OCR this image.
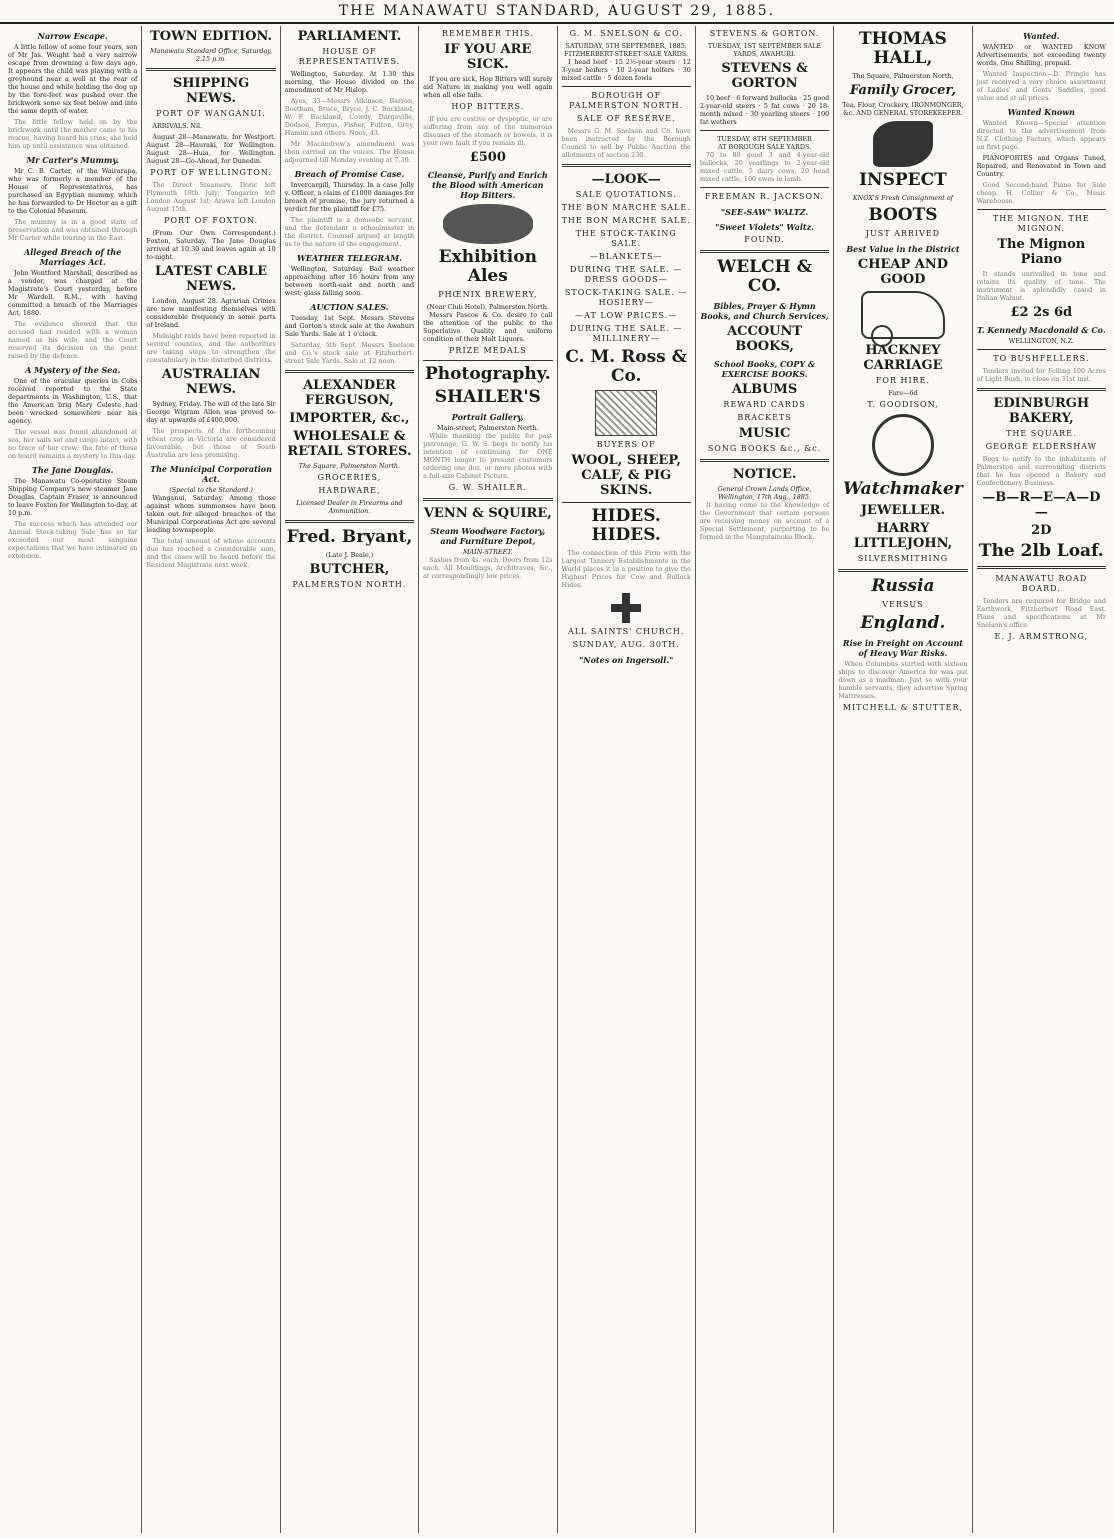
THE MANAWATU STANDARD, AUGUST 29, 1885.
Narrow Escape.

A little fellow of some four years, son of Mr Jas. Weight had a very narrow escape from drowning a few days ago. It appears the child was playing with a greyhound near a well at the rear of the house and while holding the dog up by the fore-feet was pushed over the brickwork some six feet below and into the same depth of water.

The little fellow held on by the brickwork until the mother came to his rescue, having heard his cries; she held him up until assistance was obtained.

Mr Carter's Mummy.

Mr C. B. Carter, of the Wairarapa, who was formerly a member of the House of Representatives, has purchased an Egyptian mummy, which he has forwarded to Dr Hector as a gift to the Colonial Museum.

The mummy is in a good state of preservation and was obtained through Mr Carter while touring in the East.

Alleged Breach of the Marriages Act.

John Wentford Marshall, described as a vendor, was charged at the Magistrate's Court yesterday, before Mr Wardell, R.M., with having committed a breach of the Marriages Act, 1880.

The evidence showed that the accused had resided with a woman named as his wife, and the Court reserved its decision on the point raised by the defence.

A Mystery of the Sea.

One of the oracular queries in Cobs received reported to the State departments in Washington, U.S., that the American brig Mary Celeste had been wrecked somewhere near his agency.

The vessel was found abandoned at sea, her sails set and cargo intact, with no trace of her crew; the fate of those on board remains a mystery to this day.

The Jane Douglas.

The Manawatu Co-operative Steam Shipping Company's new steamer Jane Douglas, Captain Fraser, is announced to leave Foxton for Wellington to-day, at 10 p.m.

The success which has attended our Annual Stock-taking Sale has so far exceeded our most sanguine expectations that we have intimated an extension.

TOWN EDITION.
Manawatu Standard Office, Saturday, 2.15 p.m.
SHIPPING NEWS.
PORT OF WANGANUI.

ARRIVALS. Nil.

August 28—Manawatu, for Westport. August 28—Hauraki, for Wellington. August 28—Huia, for Wellington. August 28—Go-Ahead, for Dunedin.

PORT OF WELLINGTON.

The Direct Steamers. Doric left Plymouth 18th July; Tongariro left London August 1st; Arawa left London August 15th.

PORT OF FOXTON.

(From Our Own Correspondent.) Foxton, Saturday. The Jane Douglas arrived at 10.30 and leaves again at 10 to-night.

LATEST CABLE NEWS.

London, August 28. Agrarian Crimes are now manifesting themselves with considerable frequency in some parts of Ireland.

Midnight raids have been reported in several counties, and the authorities are taking steps to strengthen the constabulary in the disturbed districts.

AUSTRALIAN NEWS.

Sydney, Friday. The will of the late Sir George Wigram Allen was proved to-day at upwards of £400,000.

The prospects of the forthcoming wheat crop in Victoria are considered favourable, but those of South Australia are less promising.

The Municipal Corporation Act.
(Special to the Standard.)

Wanganui, Saturday. Among those against whom summonses have been taken out for alleged breaches of the Municipal Corporations Act are several leading townspeople.

The total amount of whose accounts due has reached a considerable sum, and the cases will be heard before the Resident Magistrate next week.

PARLIAMENT.
HOUSE OF REPRESENTATIVES.

Wellington, Saturday. At 1.30 this morning, the House divided on the amendment of Mr Hislop.

Ayes, 33—Messrs Atkinson, Barron, Beetham, Bruce, Bryce, J. C. Buckland, W. F. Buckland, Cowdy, Dargaville, Dodson, Fergus, Fisher, Fulton, Grey, Hamlin and others. Noes, 43.

Mr Macandrew's amendment was then carried on the voices. The House adjourned till Monday evening at 7.30.

Breach of Promise Case.

Invercargill, Thursday. In a case Jolly v. Officer, a claim of £1000 damages for breach of promise, the jury returned a verdict for the plaintiff for £75.

The plaintiff is a domestic servant, and the defendant a schoolmaster in the district. Counsel argued at length as to the nature of the engagement.

WEATHER TELEGRAM.

Wellington, Saturday. Bad weather approaching after 16 hours from any between north-east and north and west; glass falling soon.

AUCTION SALES.

Tuesday, 1st Sept. Messrs Stevens and Gorton's stock sale at the Awahuri Sale Yards. Sale at 1 o'clock.

Saturday, 5th Sept. Messrs Snelson and Co.'s stock sale at Fitzherbert-street Sale Yards. Sale at 12 noon.

ALEXANDER FERGUSON,
IMPORTER, &c.,
WHOLESALE & RETAIL STORES.
The Square, Palmerston North.
GROCERIES,
HARDWARE,
Licensed Dealer in Firearms and Ammunition.
Fred. Bryant,
(Late J. Beale,)
BUTCHER,
PALMERSTON NORTH.
REMEMBER THIS.
IF YOU ARE SICK.

If you are sick, Hop Bitters will surely aid Nature in making you well again when all else fails.

HOP BITTERS.

If you are costive or dyspeptic, or are suffering from any of the numerous diseases of the stomach or bowels, it is your own fault if you remain ill.

£500
Cleanse, Purify and Enrich the Blood with American Hop Bitters.
Exhibition Ales
PHŒNIX BREWERY,
(Near Club Hotel), Palmerston North.

Messrs Pascoe & Co. desire to call the attention of the public to the Superlative Quality and uniform condition of their Malt Liquors.

PRIZE MEDALS
Photography.
SHAILER'S
Portrait Gallery,
Main-street, Palmerston North.

While thanking the public for past patronage, G. W. S. begs to notify his intention of continuing for ONE MONTH longer to present customers ordering one doz. or more photos with a full-size Cabinet Picture.

G. W. SHAILER.
VENN & SQUIRE,
Steam Woodware Factory, and Furniture Depot,
MAIN-STREET.

Sashes from 4s. each. Doors from 12s each. All Mouldings, Architraves, &c., at correspondingly low prices.

G. M. SNELSON & CO.
SATURDAY, 5TH SEPTEMBER, 1885.
FITZHERBERT-STREET SALE YARDS.

1 head beef · 15 2½-year steers · 12 3-year heifers · 10 2-year heifers · 30 mixed cattle · 5 dozen fowls

BOROUGH OF PALMERSTON NORTH.
SALE OF RESERVE.

Messrs G. M. Snelson and Co. have been instructed by the Borough Council to sell by Public Auction the allotments of section 230.

—LOOK—
SALE QUOTATIONS.
THE BON MARCHE SALE.
THE BON MARCHE SALE.
THE STOCK-TAKING SALE.
—BLANKETS—
DURING THE SALE. —DRESS GOODS—
STOCK-TAKING SALE. —HOSIERY—
—AT LOW PRICES.—
DURING THE SALE. —MILLINERY—
C. M. Ross & Co.
BUYERS OF
WOOL, SHEEP, CALF, & PIG SKINS.
HIDES. HIDES.

The connection of this Firm with the Largest Tannery Establishments in the World places it in a position to give the Highest Prices for Cow and Bullock Hides.

ALL SAINTS' CHURCH.
SUNDAY, AUG. 30TH.
"Notes on Ingersoll."
STEVENS & GORTON.
TUESDAY, 1ST SEPTEMBER SALE YARDS, AWAHURI.
STEVENS & GORTON

10 beef · 6 forward bullocks · 25 good 2-year-old steers · 5 fat cows · 20 18-month mixed · 30 yearling steers · 100 fat wethers

TUESDAY, 8TH SEPTEMBER
AT BOROUGH SALE YARDS.

70 to 80 good 3 and 4-year-old bullocks, 20 yearlings to 2-year-old mixed cattle, 5 dairy cows, 20 head mixed cattle, 100 ewes in lamb.

FREEMAN R. JACKSON.
"SEE-SAW" WALTZ.
"Sweet Violets" Waltz.
FOUND.
WELCH & CO.
Bibles, Prayer & Hymn Books, and Church Services,
ACCOUNT BOOKS,
School Books, COPY & EXERCISE BOOKS.
ALBUMS
REWARD CARDS
BRACKETS
MUSIC
SONG BOOKS &c., &c.
NOTICE.
General Crown Lands Office, Wellington, 17th Aug., 1885.

It having come to the knowledge of the Government that certain persons are receiving money on account of a Special Settlement, purporting to be formed in the Mangatainoko Block.

THOMAS HALL,
The Square, Palmerston North,
Family Grocer,
Tea, Flour, Crockery, IRONMONGER, &c. AND GENERAL STOREKEEPER.
INSPECT
KNOX'S Fresh Consignment of
BOOTS
JUST ARRIVED
Best Value in the District
CHEAP AND GOOD
HACKNEY CARRIAGE
FOR HIRE.
Fare—6d
T. GOODISON,
Watchmaker
JEWELLER.
HARRY LITTLEJOHN,
SILVERSMITHING
Russia
VERSUS
England.
Rise in Freight on Account of Heavy War Risks.

When Columbus started with sixteen ships to discover America he was put down as a madman. Just so with your humble servants, they advertise Spring Mattresses.

MITCHELL & STUTTER,
Wanted.

WANTED or WANTED KNOW Advertisements, not exceeding twenty words, One Shilling, prepaid.

Wanted Inspection—D. Pringle has just received a very choice assortment of Ladies' and Gents' Saddles, good value and at all prices.

Wanted Known

Wanted Known—Special attention directed to the advertisement from N.Z. Clothing Factory, which appears on first page.

PIANOFORTES and Organs Tuned, Repaired, and Renovated in Town and Country.

Good Second-hand Piano for Sale cheap. H. Collier & Co., Music Warehouse.

THE MIGNON. THE MIGNON.
The Mignon Piano

It stands unrivalled in tone and retains its quality of tone. The instrument is splendidly cased in Italian Walnut.

£2 2s 6d
T. Kennedy Macdonald & Co.
WELLINGTON, N.Z.
TO BUSHFELLERS.

Tenders invited for Felling 100 Acres of Light Bush, to close on 31st inst.

EDINBURGH BAKERY,
THE SQUARE.
GEORGE ELDERSHAW

Begs to notify to the inhabitants of Palmerston and surrounding districts that he has opened a Bakery and Confectionery Business.

—B—R—E—A—D—
2D
The 2lb Loaf.
MANAWATU ROAD BOARD.

Tenders are required for Bridge and Earthwork, Fitzherbert Road East. Plans and specifications at Mr Snelson's office.

E. J. ARMSTRONG,
